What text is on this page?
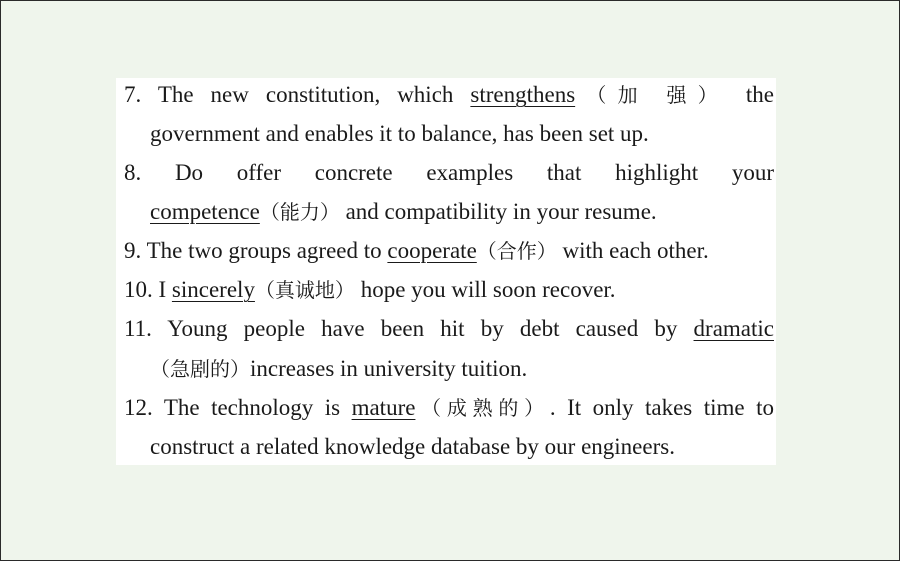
7. The new constitution, which strengthens（加 强） the
government and enables it to balance, has been set up.
8. Do offer concrete examples that highlight your
competence（能力） and compatibility in your resume.
9. The two groups agreed to cooperate（合作） with each other.
10. I sincerely（真诚地） hope you will soon recover.
11. Young people have been hit by debt caused by dramatic
（急剧的）increases in university tuition.
12. The technology is mature（成熟的）. It only takes time to
construct a related knowledge database by our engineers.
